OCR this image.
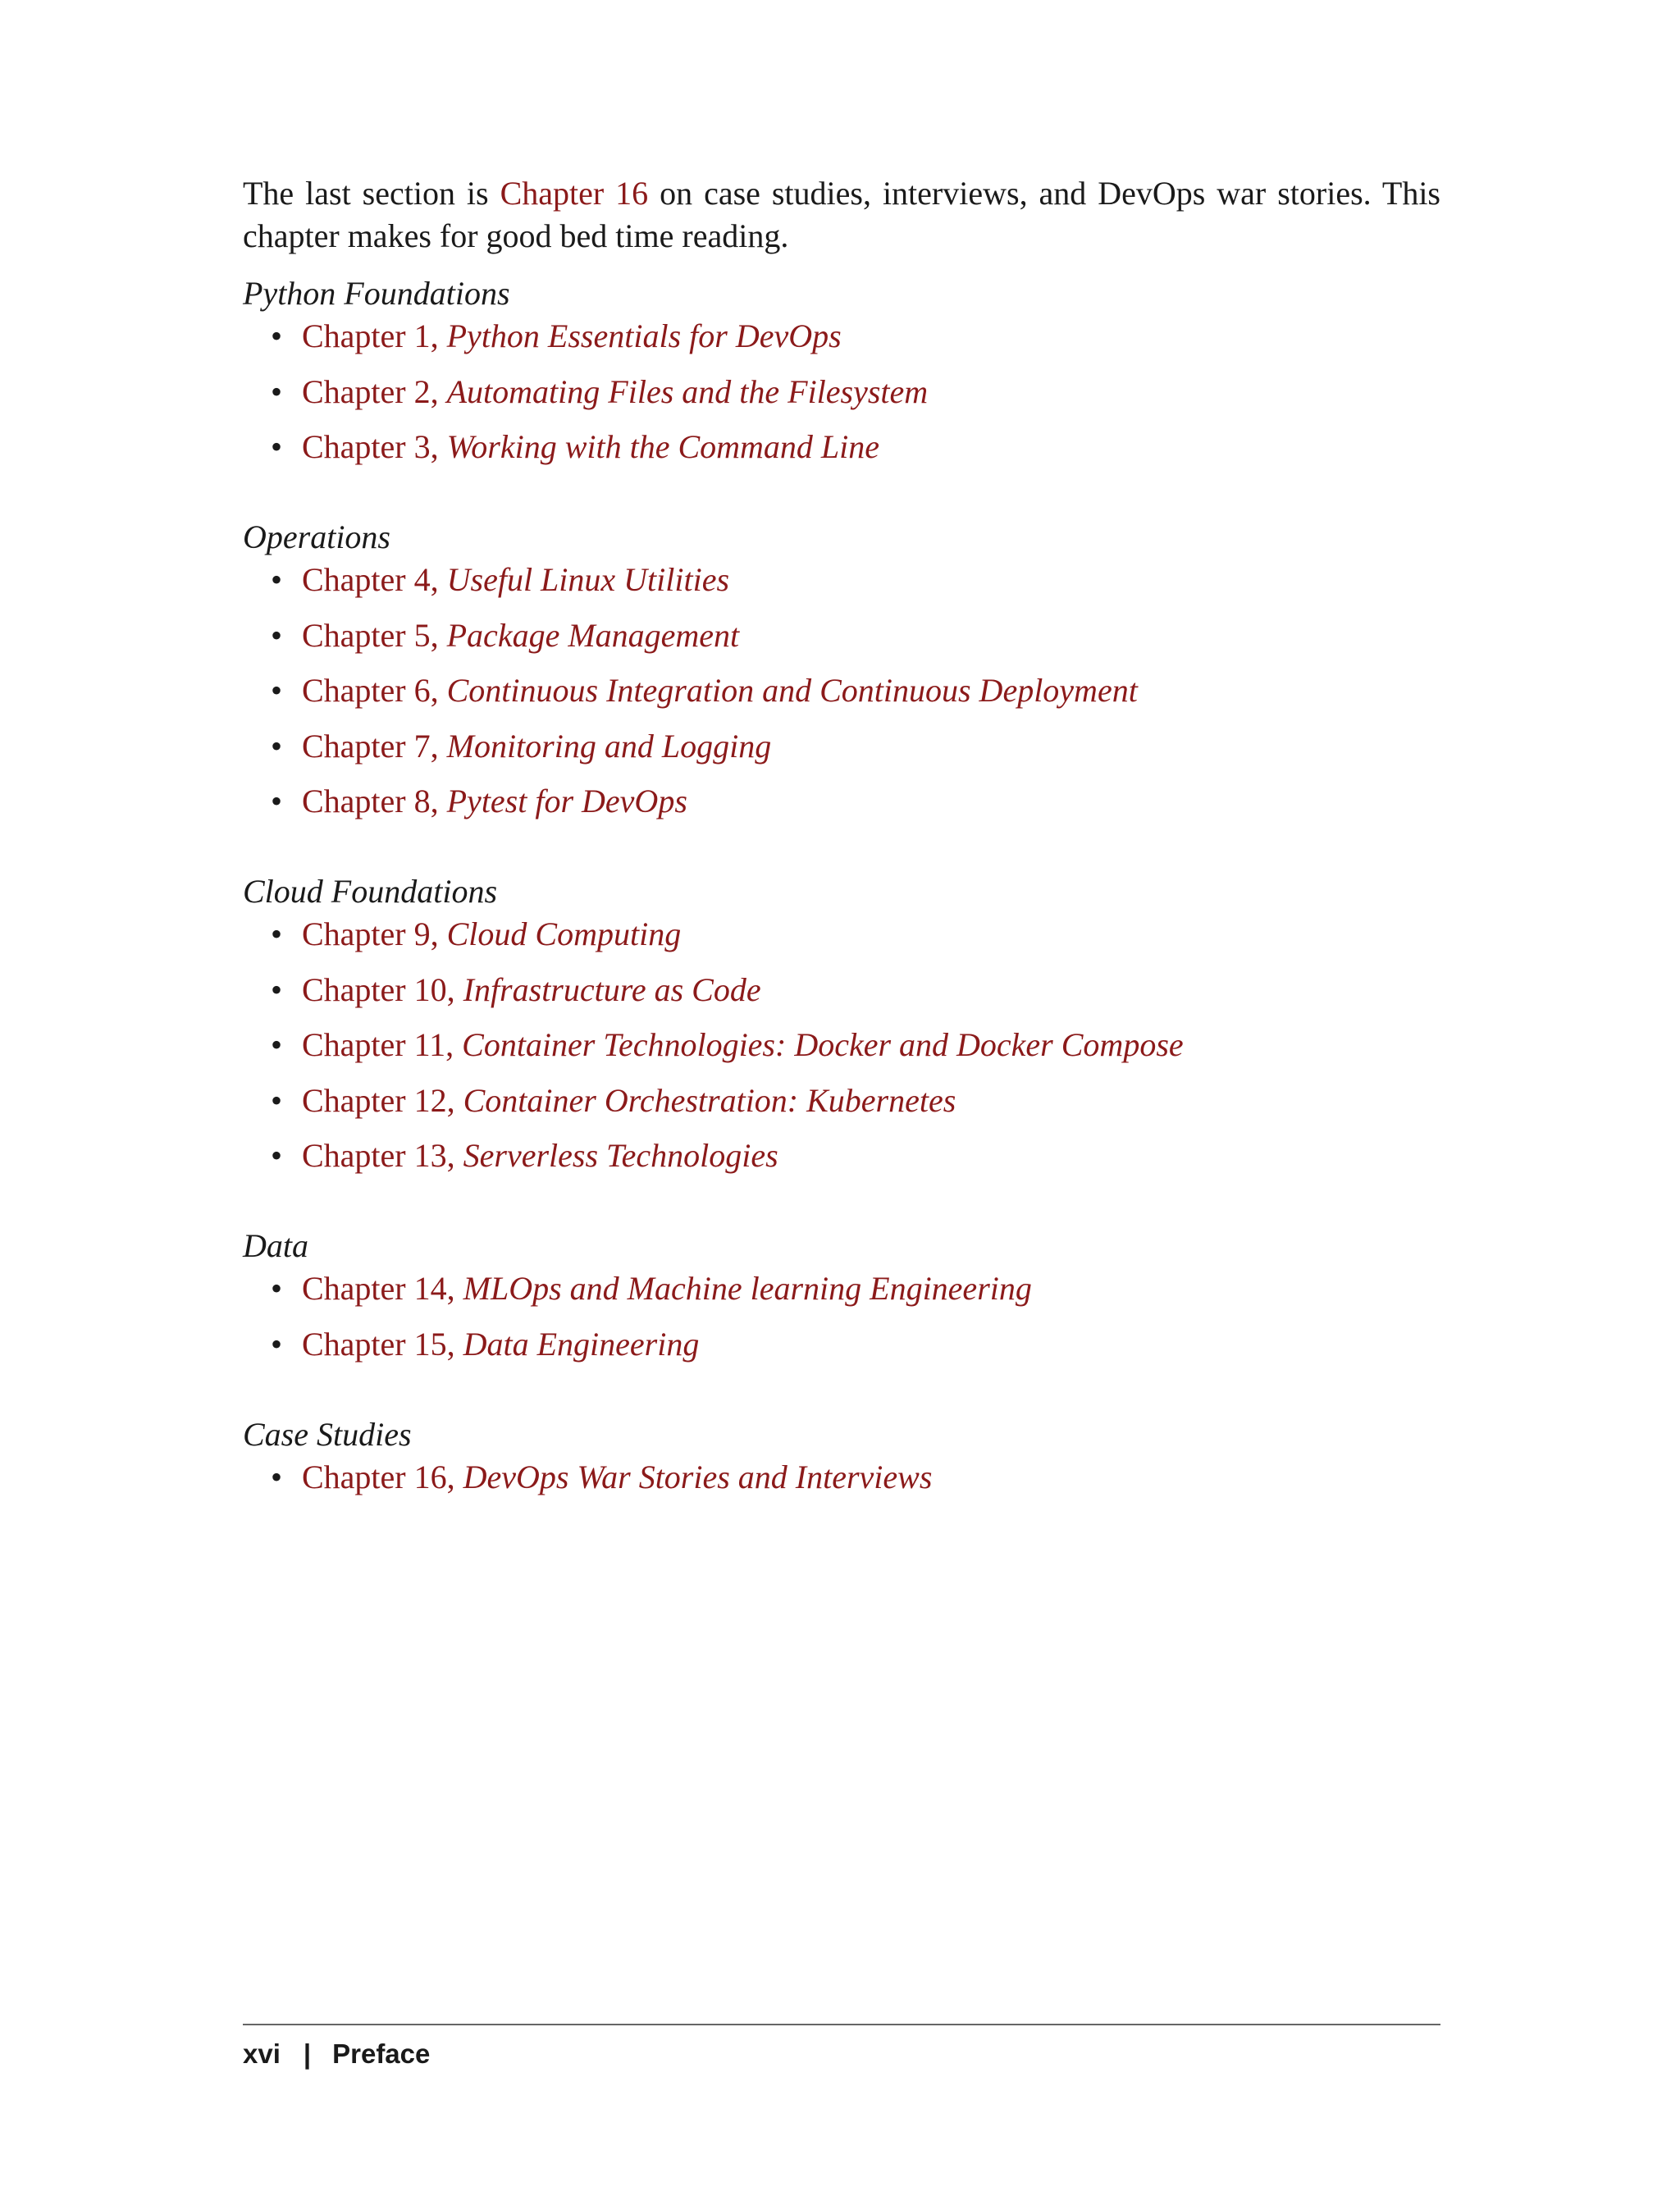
The last section is Chapter 16 on case studies, interviews, and DevOps war stories. This chapter makes for good bed time reading.

Python Foundations
• Chapter 1, Python Essentials for DevOps
• Chapter 2, Automating Files and the Filesystem
• Chapter 3, Working with the Command Line
Operations
• Chapter 4, Useful Linux Utilities
• Chapter 5, Package Management
• Chapter 6, Continuous Integration and Continuous Deployment
• Chapter 7, Monitoring and Logging
• Chapter 8, Pytest for DevOps
Cloud Foundations
• Chapter 9, Cloud Computing
• Chapter 10, Infrastructure as Code
• Chapter 11, Container Technologies: Docker and Docker Compose
• Chapter 12, Container Orchestration: Kubernetes
• Chapter 13, Serverless Technologies
Data
• Chapter 14, MLOps and Machine learning Engineering
• Chapter 15, Data Engineering
Case Studies
• Chapter 16, DevOps War Stories and Interviews
xvi | Preface
